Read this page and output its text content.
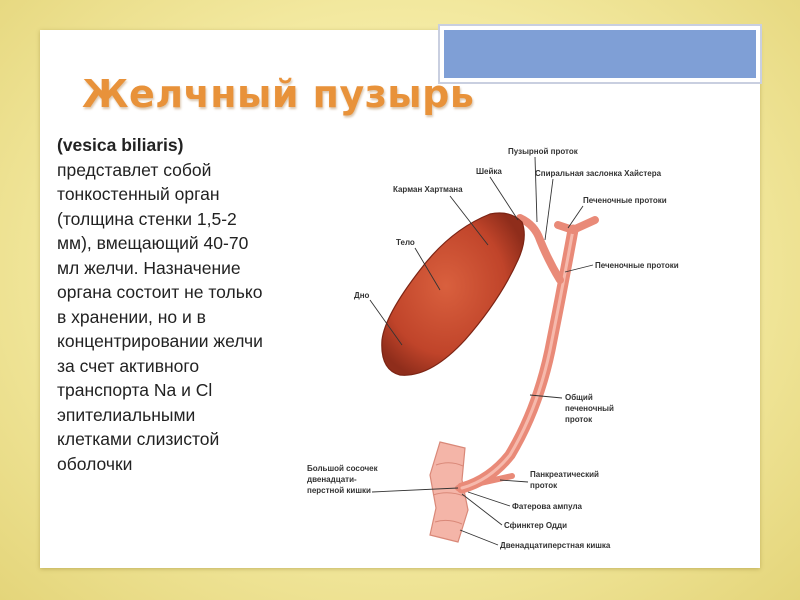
Желчный пузырь
(vesica biliaris)
представлет собой тонкостенный орган (толщина стенки 1,5-2 мм), вмещающий 40-70 мл желчи. Назначение органа состоит не только в хранении, но и в концентрировании желчи за счет активного транспорта Na и Cl эпителиальными клетками слизистой оболочки
Пузырной проток
Шейка	Спиральная заслонка Хайстера
Карман Хартмана
Печеночные протоки
Тело
Печеночные протоки
Дно
Общий
печеночный
проток
Большой сосочек
двенадцати-
перстной кишки
Панкреатический
проток
Фатерова ампула
Сфинктер Одди
Двенадцатиперстная кишка
